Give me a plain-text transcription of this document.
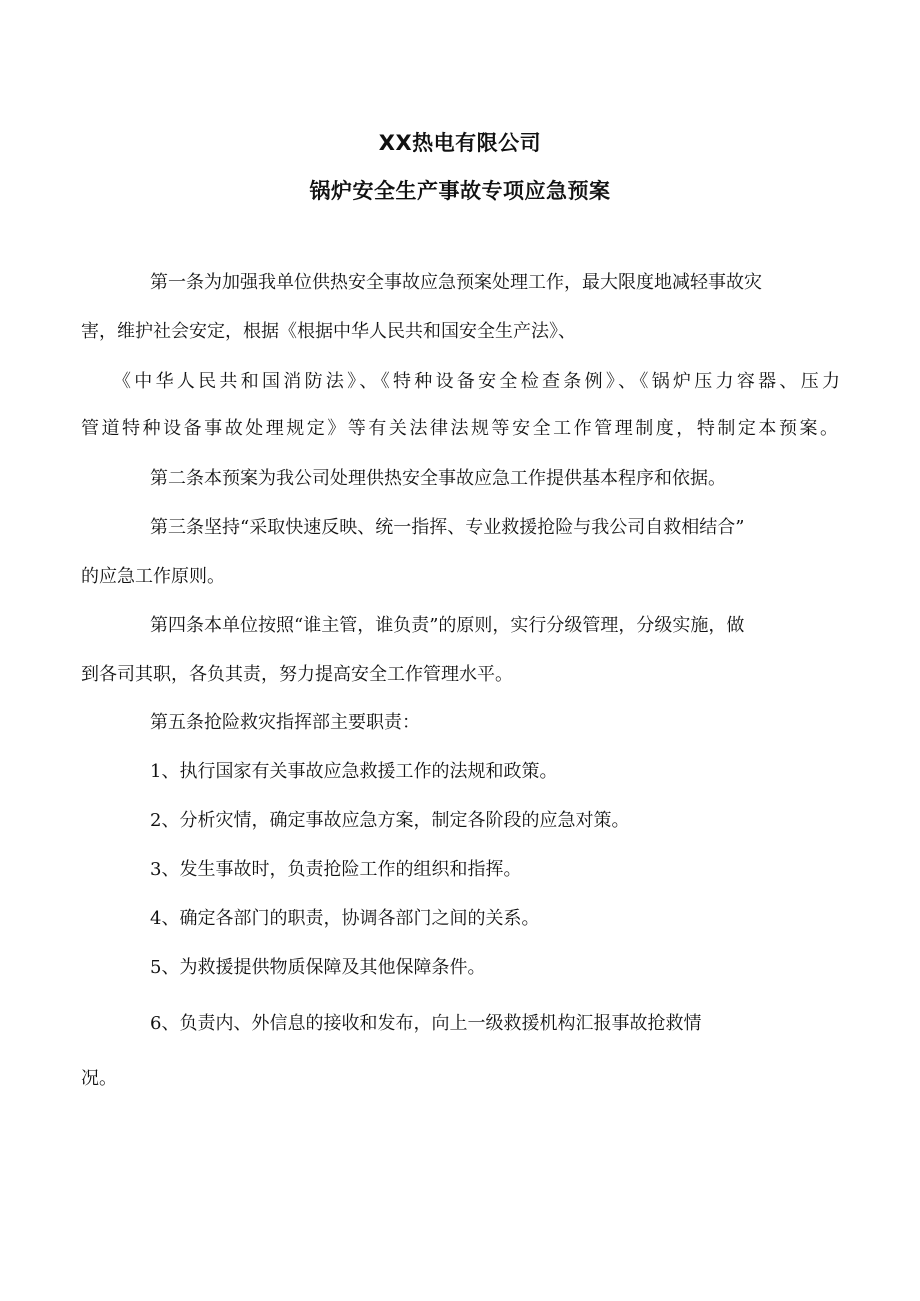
XX热电有限公司
锅炉安全生产事故专项应急预案
第一条为加强我单位供热安全事故应急预案处理工作，最大限度地减轻事故灾
害，维护社会安定，根据《根据中华人民共和国安全生产法》、
《中华人民共和国消防法》、《特种设备安全检查条例》、《锅炉压力容器、压力
管道特种设备事故处理规定》等有关法律法规等安全工作管理制度，特制定本预案。
第二条本预案为我公司处理供热安全事故应急工作提供基本程序和依据。
第三条坚持“采取快速反映、统一指挥、专业救援抢险与我公司自救相结合”
的应急工作原则。
第四条本单位按照“谁主管，谁负责”的原则，实行分级管理，分级实施，做
到各司其职，各负其责，努力提高安全工作管理水平。
第五条抢险救灾指挥部主要职责：
1、执行国家有关事故应急救援工作的法规和政策。
2、分析灾情，确定事故应急方案，制定各阶段的应急对策。
3、发生事故时，负责抢险工作的组织和指挥。
4、确定各部门的职责，协调各部门之间的关系。
5、为救援提供物质保障及其他保障条件。
6、负责内、外信息的接收和发布，向上一级救援机构汇报事故抢救情
况。
